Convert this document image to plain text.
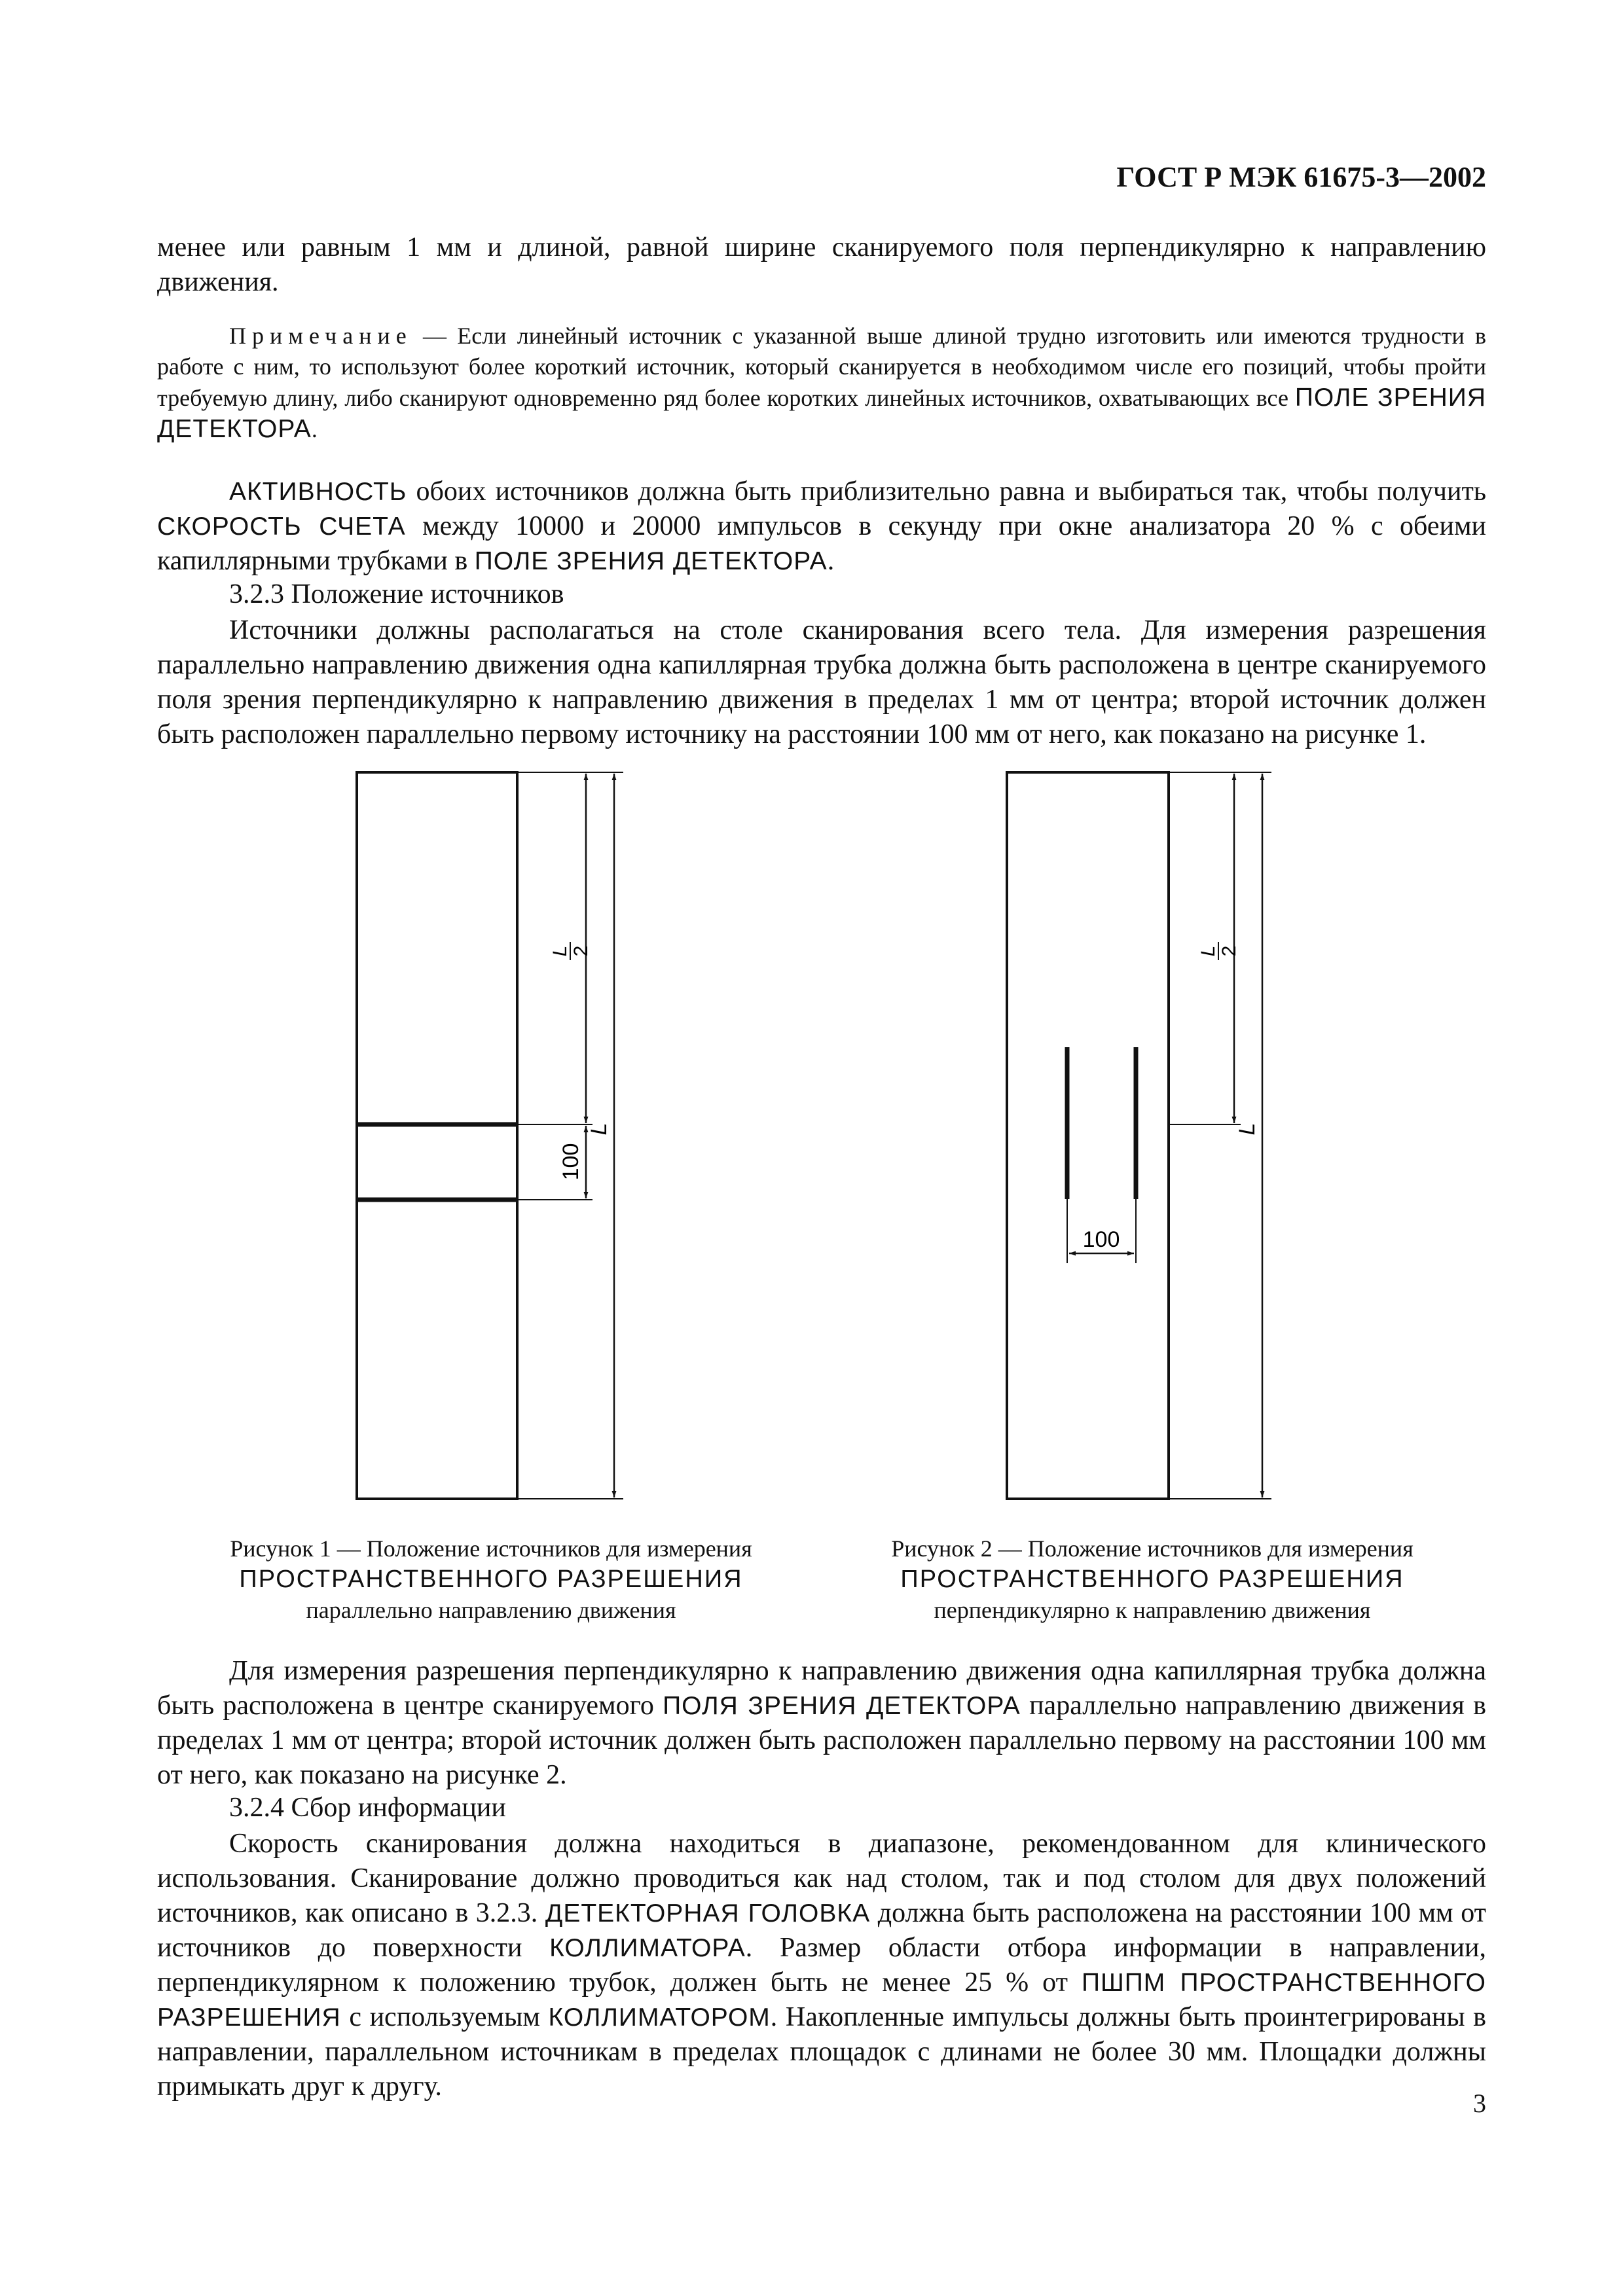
ГОСТ Р МЭК 61675-3—2002
менее или равным 1 мм и длиной, равной ширине сканируемого поля перпендикулярно к направлению движения.
Примечание — Если линейный источник с указанной выше длиной трудно изготовить или имеются трудности в работе с ним, то используют более короткий источник, который сканируется в необходимом числе его позиций, чтобы пройти требуемую длину, либо сканируют одновременно ряд более коротких линейных источников, охватывающих все ПОЛЕ ЗРЕНИЯ ДЕТЕКТОРА.
АКТИВНОСТЬ обоих источников должна быть приблизительно равна и выбираться так, чтобы получить СКОРОСТЬ СЧЕТА между 10000 и 20000 импульсов в секунду при окне анализатора 20 % с обеими капиллярными трубками в ПОЛЕ ЗРЕНИЯ ДЕТЕКТОРА.
3.2.3 Положение источников
Источники должны располагаться на столе сканирования всего тела. Для измерения разрешения параллельно направлению движения одна капиллярная трубка должна быть расположена в центре сканируемого поля зрения перпендикулярно к направлению движения в пределах 1 мм от центра; второй источник должен быть расположен параллельно первому источнику на расстоянии 100 мм от него, как показано на рисунке 1.
L 2
100
L
L 2
100
L
Рисунок 1 — Положение источников для измерения
ПРОСТРАНСТВЕННОГО РАЗРЕШЕНИЯ
параллельно направлению движения
Рисунок 2 — Положение источников для измерения
ПРОСТРАНСТВЕННОГО РАЗРЕШЕНИЯ
перпендикулярно к направлению движения
Для измерения разрешения перпендикулярно к направлению движения одна капиллярная трубка должна быть расположена в центре сканируемого ПОЛЯ ЗРЕНИЯ ДЕТЕКТОРА параллельно направлению движения в пределах 1 мм от центра; второй источник должен быть расположен параллельно первому на расстоянии 100 мм от него, как показано на рисунке 2.
3.2.4 Сбор информации
Скорость сканирования должна находиться в диапазоне, рекомендованном для клинического использования. Сканирование должно проводиться как над столом, так и под столом для двух положений источников, как описано в 3.2.3. ДЕТЕКТОРНАЯ ГОЛОВКА должна быть расположена на расстоянии 100 мм от источников до поверхности КОЛЛИМАТОРА. Размер области отбора информации в направлении, перпендикулярном к положению трубок, должен быть не менее 25 % от ПШПМ ПРОСТРАНСТВЕННОГО РАЗРЕШЕНИЯ с используемым КОЛЛИМАТОРОМ. Накопленные импульсы должны быть проинтегрированы в направлении, параллельном источникам в пределах площадок с длинами не более 30 мм. Площадки должны примыкать друг к другу.
3
